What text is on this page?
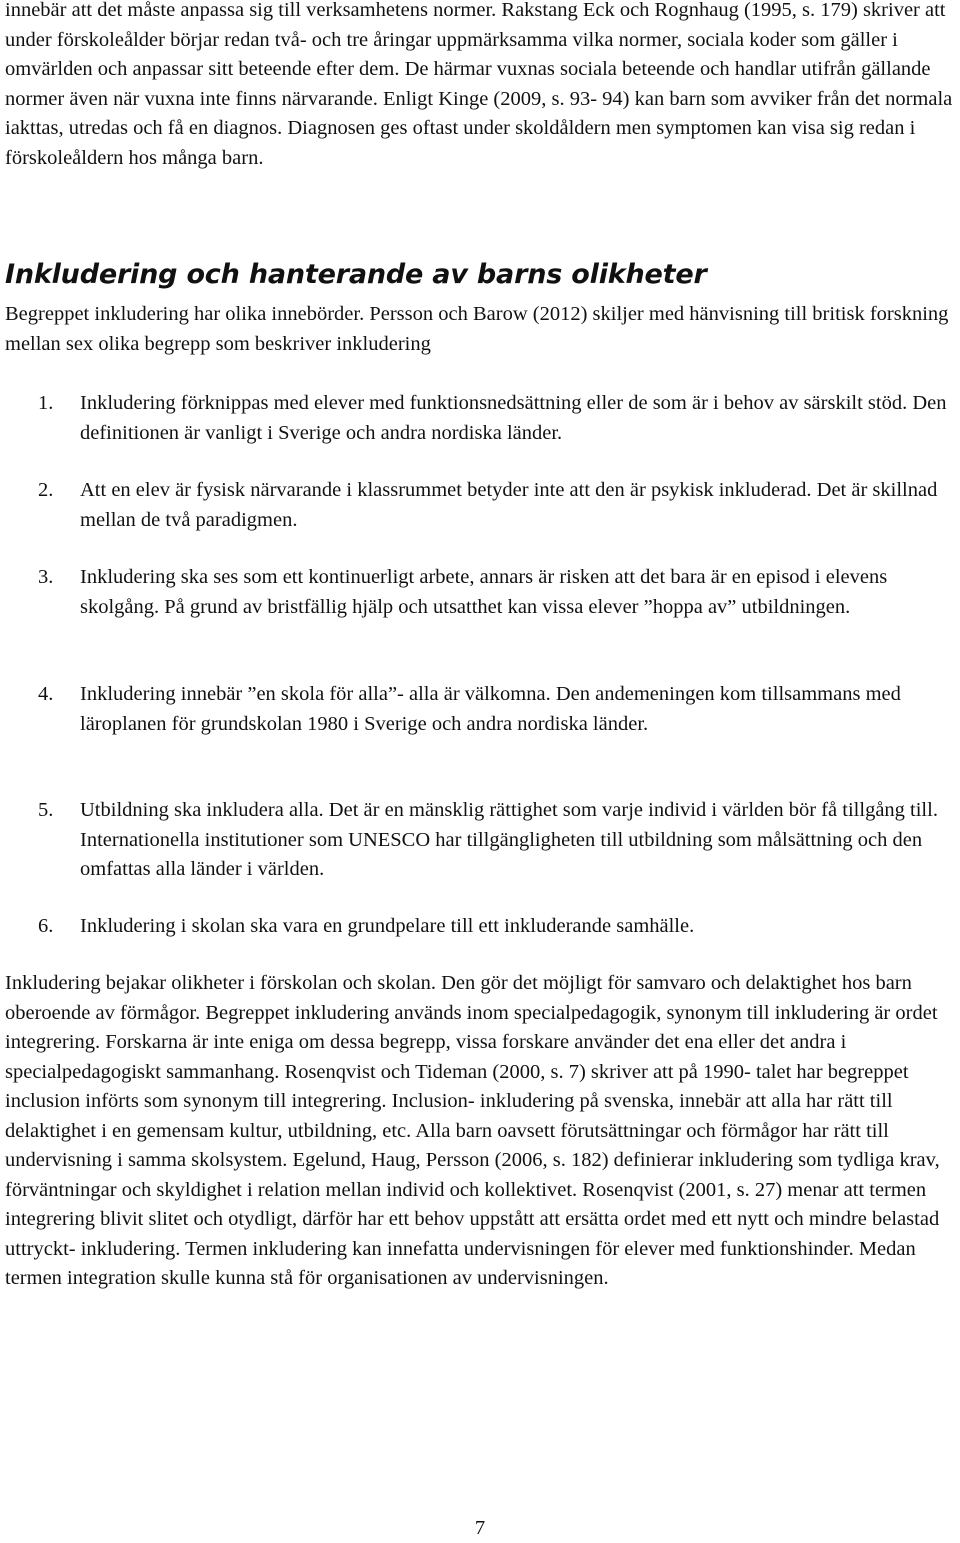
innebär att det måste anpassa sig till verksamhetens normer. Rakstang Eck och Rognhaug (1995, s. 179) skriver att under förskoleålder börjar redan två- och tre åringar uppmärksamma vilka normer, sociala koder som gäller i omvärlden och anpassar sitt beteende efter dem. De härmar vuxnas sociala beteende och handlar utifrån gällande normer även när vuxna inte finns närvarande. Enligt Kinge (2009, s. 93- 94) kan barn som avviker från det normala iakttas, utredas och få en diagnos. Diagnosen ges oftast under skoldåldern men symptomen kan visa sig redan i förskoleåldern hos många barn.

Inkludering och hanterande av barns olikheter

Begreppet inkludering har olika innebörder. Persson och Barow (2012) skiljer med hänvisning till britisk forskning mellan sex olika begrepp som beskriver inkludering

1.	Inkludering förknippas med elever med funktionsnedsättning eller de som är i behov av särskilt stöd. Den definitionen är vanligt i Sverige och andra nordiska länder.
2.	Att en elev är fysisk närvarande i klassrummet betyder inte att den är psykisk inkluderad. Det är skillnad mellan de två paradigmen.
3.	Inkludering ska ses som ett kontinuerligt arbete, annars är risken att det bara är en episod i elevens skolgång. På grund av bristfällig hjälp och utsatthet kan vissa elever ”hoppa av” utbildningen.
4.	Inkludering innebär ”en skola för alla”- alla är välkomna. Den andemeningen kom tillsammans med läroplanen för grundskolan 1980 i Sverige och andra nordiska länder.
5.	Utbildning ska inkludera alla. Det är en mänsklig rättighet som varje individ i världen bör få tillgång till. Internationella institutioner som UNESCO har tillgängligheten till utbildning som målsättning och den omfattas alla länder i världen.
6.	Inkludering i skolan ska vara en grundpelare till ett inkluderande samhälle.

Inkludering bejakar olikheter i förskolan och skolan. Den gör det möjligt för samvaro och delaktighet hos barn oberoende av förmågor. Begreppet inkludering används inom specialpedagogik, synonym till inkludering är ordet integrering. Forskarna är inte eniga om dessa begrepp, vissa forskare använder det ena eller det andra i specialpedagogiskt sammanhang. Rosenqvist och Tideman (2000, s. 7) skriver att på 1990- talet har begreppet inclusion införts som synonym till integrering. Inclusion- inkludering på svenska, innebär att alla har rätt till delaktighet i en gemensam kultur, utbildning, etc. Alla barn oavsett förutsättningar och förmågor har rätt till undervisning i samma skolsystem. Egelund, Haug, Persson (2006, s. 182) definierar inkludering som tydliga krav, förväntningar och skyldighet i relation mellan individ och kollektivet. Rosenqvist (2001, s. 27) menar att termen integrering blivit slitet och otydligt, därför har ett behov uppstått att ersätta ordet med ett nytt och mindre belastad uttryckt- inkludering. Termen inkludering kan innefatta undervisningen för elever med funktionshinder. Medan termen integration skulle kunna stå för organisationen av undervisningen.

7
